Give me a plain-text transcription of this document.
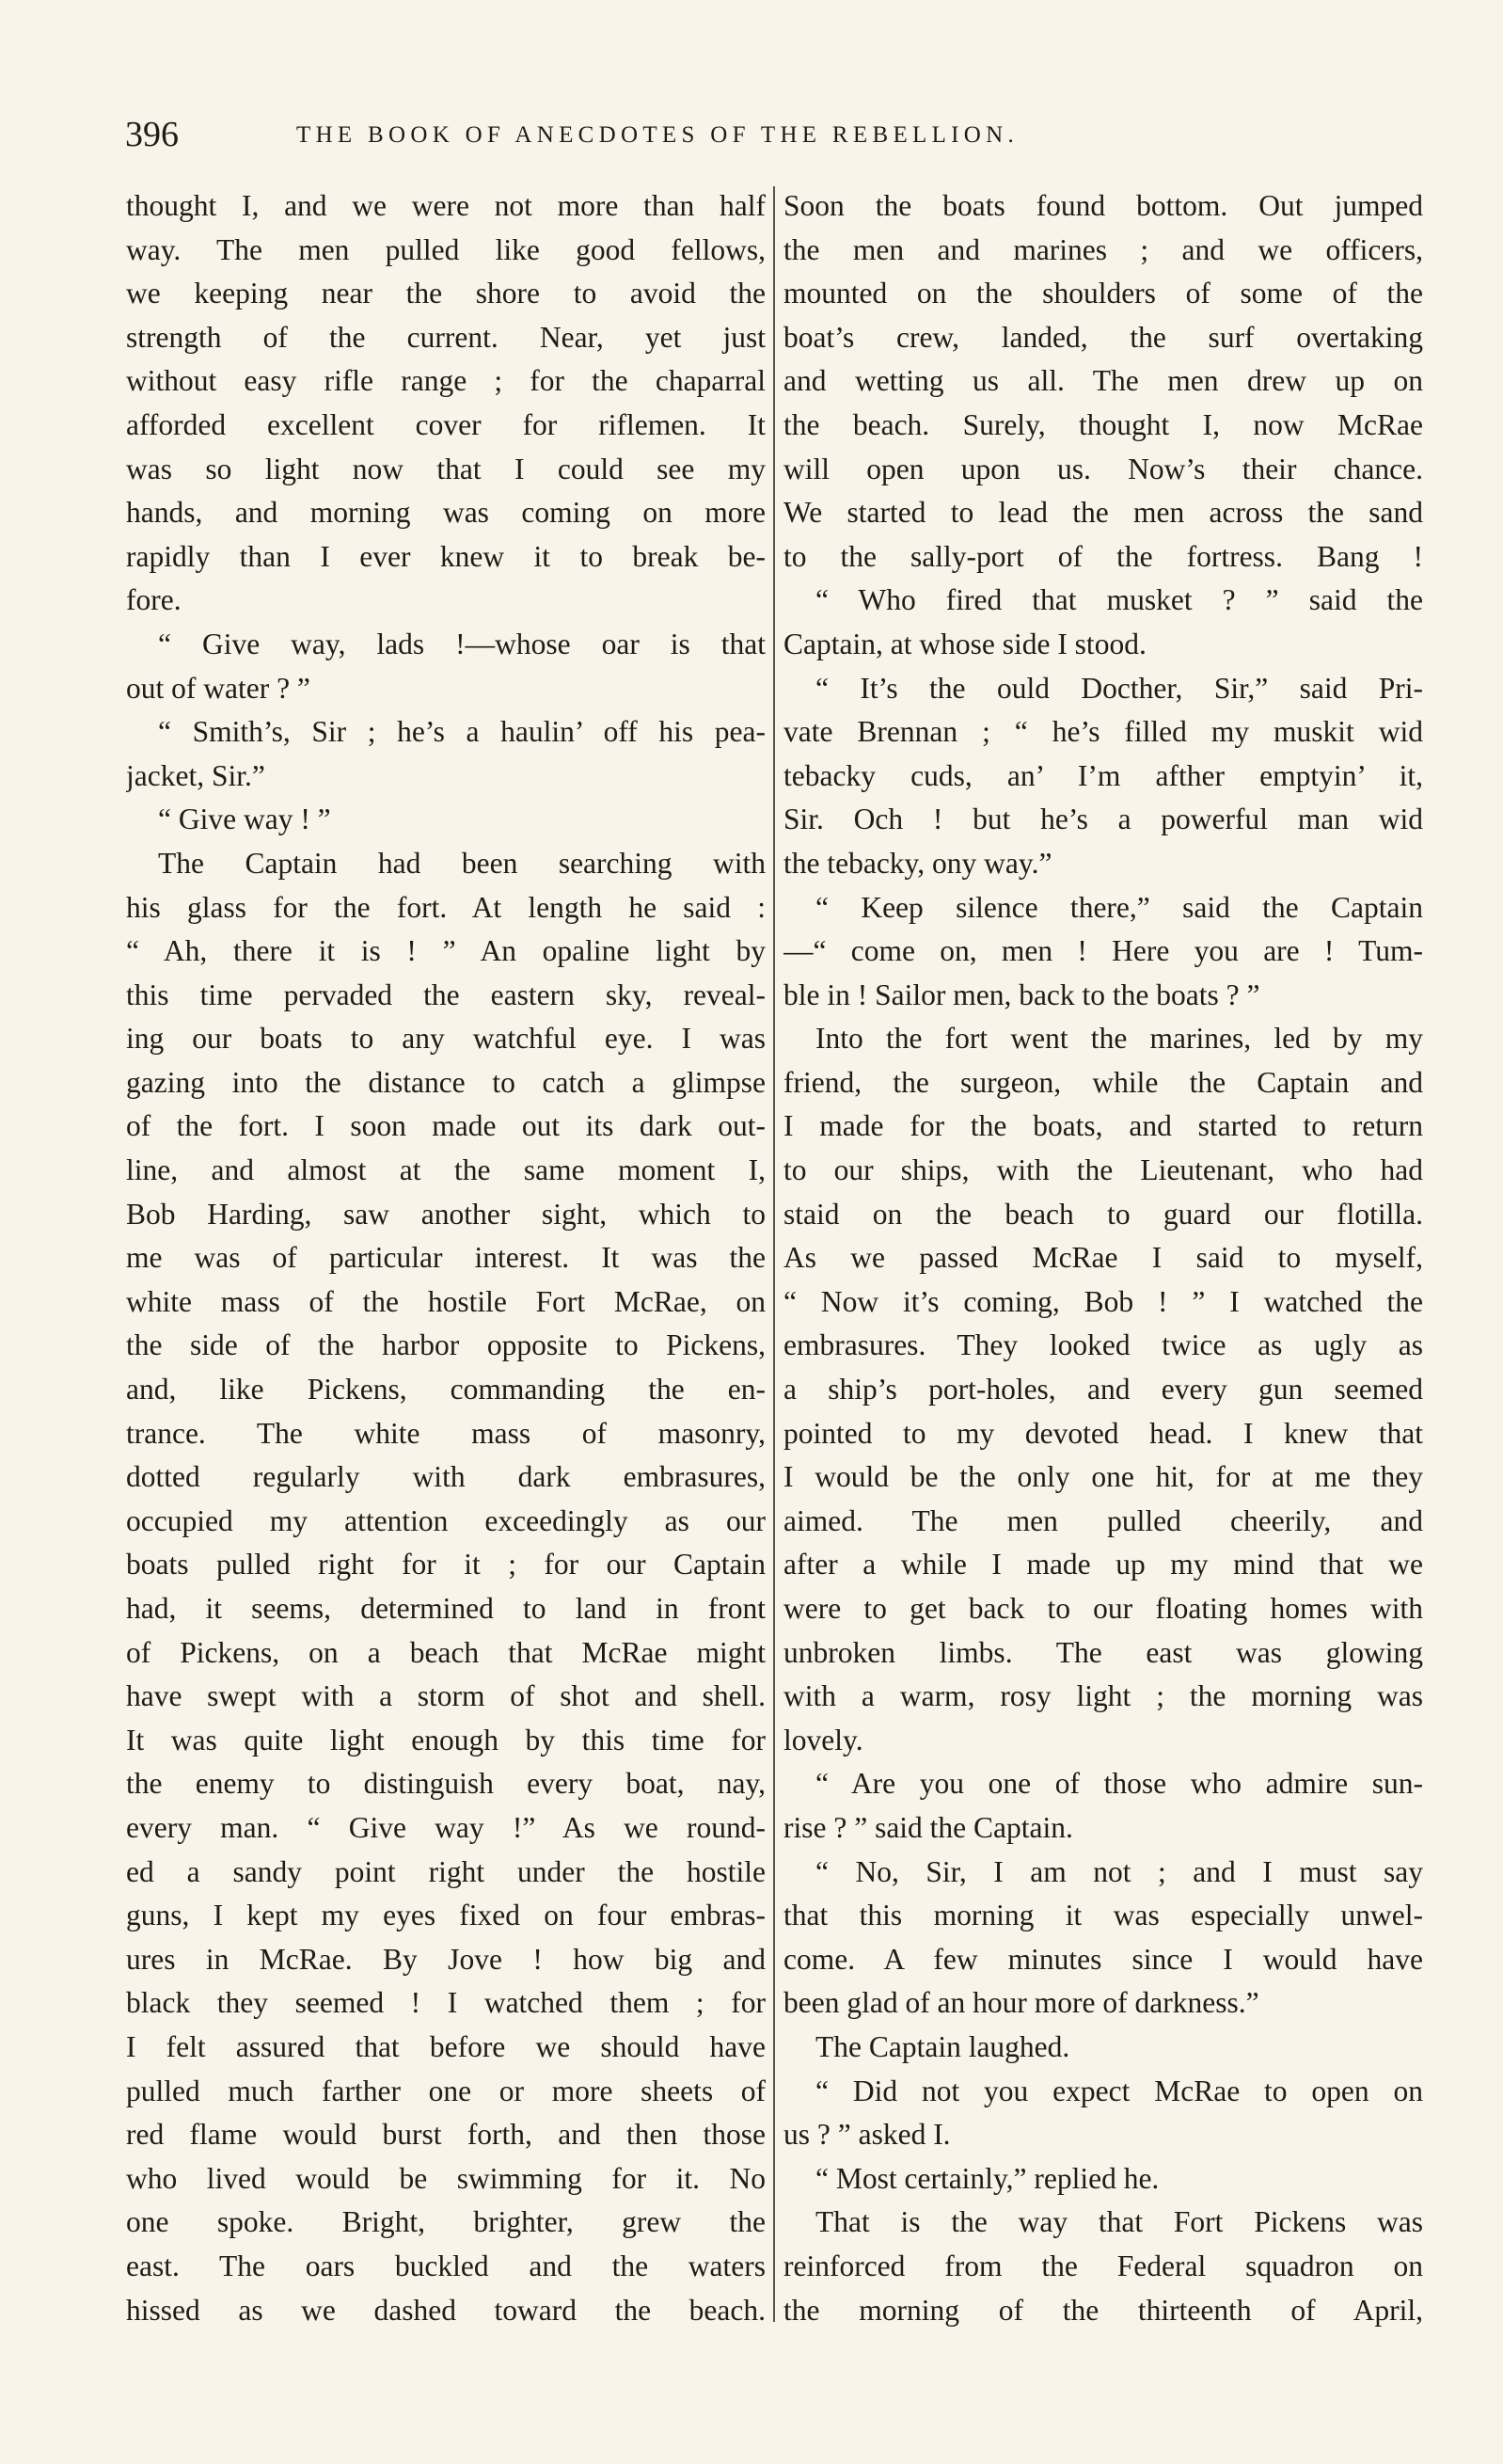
396	THE BOOK OF ANECDOTES OF THE REBELLION.
thought I, and we were not more than half
way. The men pulled like good fellows,
we keeping near the shore to avoid the
strength of the current. Near, yet just
without easy rifle range ; for the chaparral
afforded excellent cover for riflemen. It
was so light now that I could see my
hands, and morning was coming on more
rapidly than I ever knew it to break be-
fore.
“ Give way, lads !—whose oar is that
out of water ? ”
“ Smith’s, Sir ; he’s a haulin’ off his pea-
jacket, Sir.”
“ Give way ! ”
The Captain had been searching with
his glass for the fort. At length he said :
“ Ah, there it is ! ” An opaline light by
this time pervaded the eastern sky, reveal-
ing our boats to any watchful eye. I was
gazing into the distance to catch a glimpse
of the fort. I soon made out its dark out-
line, and almost at the same moment I,
Bob Harding, saw another sight, which to
me was of particular interest. It was the
white mass of the hostile Fort McRae, on
the side of the harbor opposite to Pickens,
and, like Pickens, commanding the en-
trance. The white mass of masonry,
dotted regularly with dark embrasures,
occupied my attention exceedingly as our
boats pulled right for it ; for our Captain
had, it seems, determined to land in front
of Pickens, on a beach that McRae might
have swept with a storm of shot and shell.
It was quite light enough by this time for
the enemy to distinguish every boat, nay,
every man. “ Give way !” As we round-
ed a sandy point right under the hostile
guns, I kept my eyes fixed on four embras-
ures in McRae. By Jove ! how big and
black they seemed ! I watched them ; for
I felt assured that before we should have
pulled much farther one or more sheets of
red flame would burst forth, and then those
who lived would be swimming for it. No
one spoke. Bright, brighter, grew the
east. The oars buckled and the waters
hissed as we dashed toward the beach.
Soon the boats found bottom. Out jumped
the men and marines ; and we officers,
mounted on the shoulders of some of the
boat’s crew, landed, the surf overtaking
and wetting us all. The men drew up on
the beach. Surely, thought I, now McRae
will open upon us. Now’s their chance.
We started to lead the men across the sand
to the sally-port of the fortress. Bang !
“ Who fired that musket ? ” said the
Captain, at whose side I stood.
“ It’s the ould Docther, Sir,” said Pri-
vate Brennan ; “ he’s filled my muskit wid
tebacky cuds, an’ I’m afther emptyin’ it,
Sir. Och ! but he’s a powerful man wid
the tebacky, ony way.”
“ Keep silence there,” said the Captain
—“ come on, men ! Here you are ! Tum-
ble in ! Sailor men, back to the boats ? ”
Into the fort went the marines, led by my
friend, the surgeon, while the Captain and
I made for the boats, and started to return
to our ships, with the Lieutenant, who had
staid on the beach to guard our flotilla.
As we passed McRae I said to myself,
“ Now it’s coming, Bob ! ” I watched the
embrasures. They looked twice as ugly as
a ship’s port-holes, and every gun seemed
pointed to my devoted head. I knew that
I would be the only one hit, for at me they
aimed. The men pulled cheerily, and
after a while I made up my mind that we
were to get back to our floating homes with
unbroken limbs. The east was glowing
with a warm, rosy light ; the morning was
lovely.
“ Are you one of those who admire sun-
rise ? ” said the Captain.
“ No, Sir, I am not ; and I must say
that this morning it was especially unwel-
come. A few minutes since I would have
been glad of an hour more of darkness.”
The Captain laughed.
“ Did not you expect McRae to open on
us ? ” asked I.
“ Most certainly,” replied he.
That is the way that Fort Pickens was
reinforced from the Federal squadron on
the morning of the thirteenth of April,
